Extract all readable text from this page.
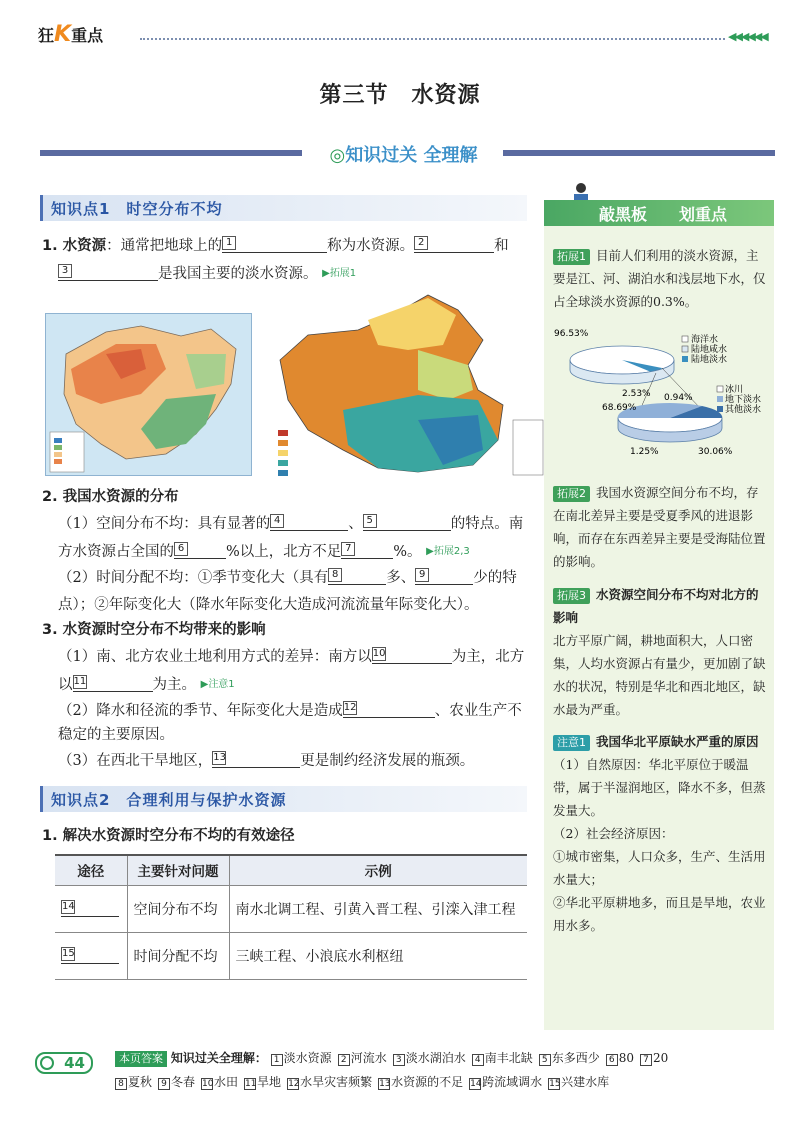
狂K重点	◀◀◀◀◀◀
第三节　水资源
◎知识过关 全理解
知识点1　时空分布不均
1. 水资源：通常把地球上的 1	称为水资源。 2	和
3	是我国主要的淡水资源。 ▶拓展1
2. 我国水资源的分布
（1）空间分布不均：具有显著的 4	、 5	的特点。南
方水资源占全国的 6	%以上，北方不足 7	%。 ▶拓展2,3
（2）时间分配不均：①季节变化大（具有 8	多、 9	少的特
点）；②年际变化大（降水年际变化大造成河流流量年际变化大）。
3. 水资源时空分布不均带来的影响
（1）南、北方农业土地利用方式的差异：南方以 10	为主，北方
以 11	为主。 ▶注意1
（2）降水和径流的季节、年际变化大是造成 12	、农业生产不
稳定的主要原因。
（3）在西北干旱地区， 13	更是制约经济发展的瓶颈。
知识点2　合理利用与保护水资源
1. 解决水资源时空分布不均的有效途径
途径	主要针对问题	示例

14	空间分布不均	南水北调工程、引黄入晋工程、引滦入津工程

15	时间分配不均	三峡工程、小浪底水利枢纽
敲黑板 划重点
拓展1 目前人们利用的淡水资源，主要是江、河、湖泊水和浅层地下水，仅占全球淡水资源的0.3%。
96.53%
2.53% 0.94%
海洋水
陆地咸水
陆地淡水
冰川
地下淡水
其他淡水
68.69%
1.25%	30.06%
拓展2 我国水资源空间分布不均，存在南北差异主要是受夏季风的进退影响，而存在东西差异主要是受海陆位置的影响。
拓展3 水资源空间分布不均对北方的影响
北方平原广阔，耕地面积大，人口密集，人均水资源占有量少，更加剧了缺水的状况，特别是华北和西北地区，缺水最为严重。
注意1 我国华北平原缺水严重的原因
（1）自然原因：华北平原位于暖温带，属于半湿润地区，降水不多，但蒸发量大。
（2）社会经济原因：
①城市密集，人口众多，生产、生活用水量大；
②华北平原耕地多，而且是旱地，农业用水多。
44	本页答案 知识过关全理解： 1 淡水资源 2 河流水 3 淡水湖泊水 4 南丰北缺 5 东多西少 6 80 7 20
8 夏秋 9 冬春 10水田 11旱地 12水旱灾害频繁 13水资源的不足 14跨流域调水 15兴建水库
